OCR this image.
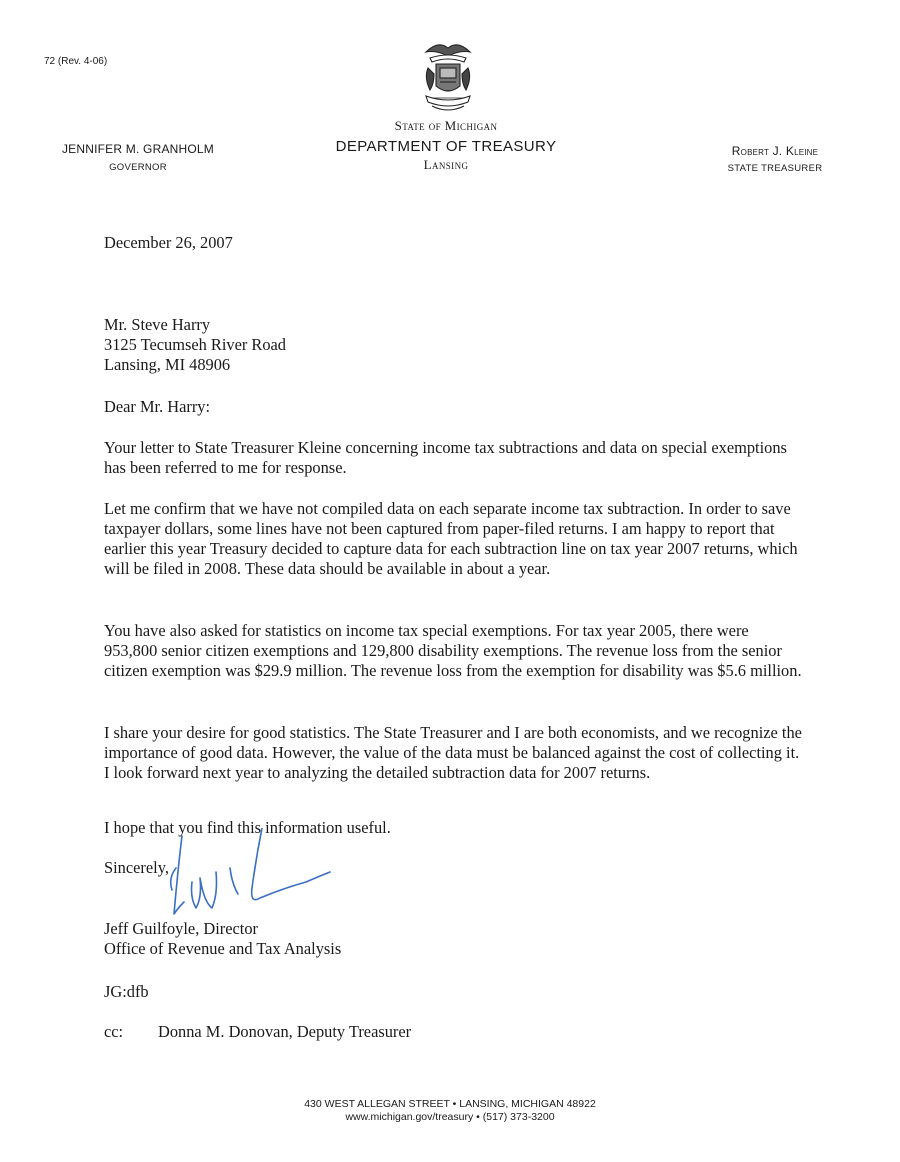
72 (Rev. 4-06)
JENNIFER M. GRANHOLM
GOVERNOR
State of Michigan
DEPARTMENT OF TREASURY
Lansing
Robert J. Kleine
STATE TREASURER
December 26, 2007

Mr. Steve Harry

3125 Tecumseh River Road

Lansing, MI 48906

Dear Mr. Harry:
Your letter to State Treasurer Kleine concerning income tax subtractions and data on special exemptions has been referred to me for response.
Let me confirm that we have not compiled data on each separate income tax subtraction. In order to save taxpayer dollars, some lines have not been captured from paper-filed returns. I am happy to report that earlier this year Treasury decided to capture data for each subtraction line on tax year 2007 returns, which will be filed in 2008. These data should be available in about a year.
You have also asked for statistics on income tax special exemptions. For tax year 2005, there were 953,800 senior citizen exemptions and 129,800 disability exemptions. The revenue loss from the senior citizen exemption was $29.9 million. The revenue loss from the exemption for disability was $5.6 million.
I share your desire for good statistics. The State Treasurer and I are both economists, and we recognize the importance of good data. However, the value of the data must be balanced against the cost of collecting it. I look forward next year to analyzing the detailed subtraction data for 2007 returns.
I hope that you find this information useful.
Sincerely,

Jeff Guilfoyle, Director

Office of Revenue and Tax Analysis

JG:dfb
cc: Donna M. Donovan, Deputy Treasurer
430 WEST ALLEGAN STREET • LANSING, MICHIGAN 48922
www.michigan.gov/treasury • (517) 373-3200
